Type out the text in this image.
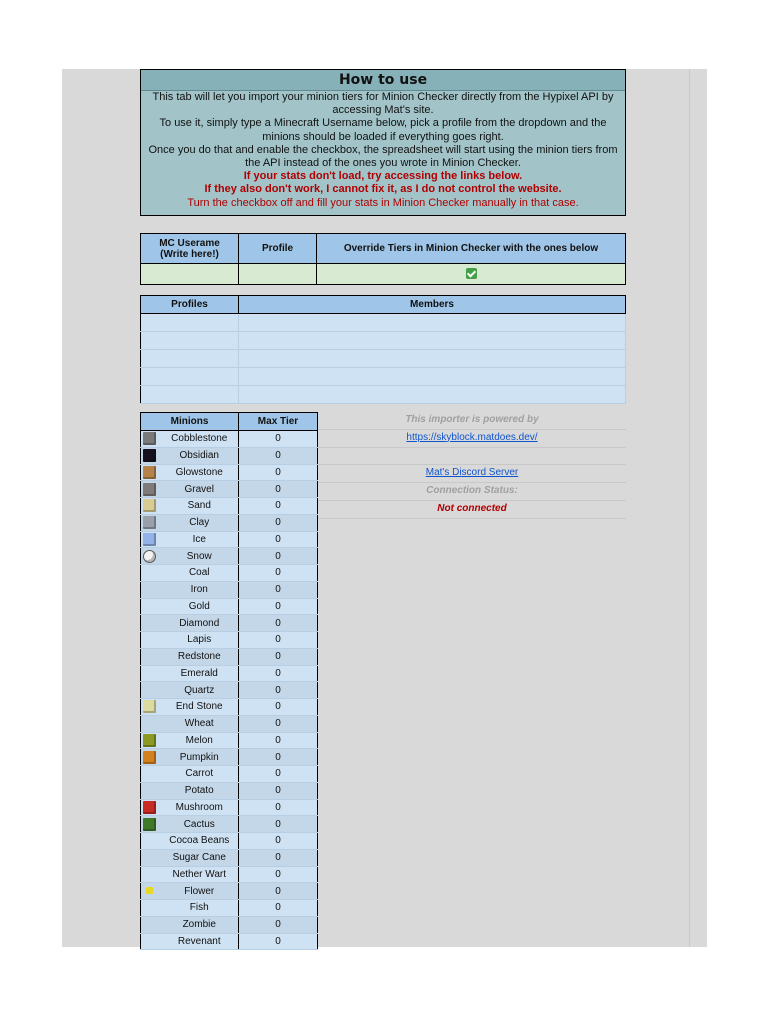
How to use
This tab will let you import your minion tiers for Minion Checker directly from the Hypixel API by
accessing Mat's site.
To use it, simply type a Minecraft Username below, pick a profile from the dropdown and the
minions should be loaded if everything goes right.
Once you do that and enable the checkbox, the spreadsheet will start using the minion tiers from
the API instead of the ones you wrote in Minion Checker.
If your stats don't load, try accessing the links below.
If they also don't work, I cannot fix it, as I do not control the website.
Turn the checkbox off and fill your stats in Minion Checker manually in that case.
MC Userame
(Write here!)	Profile	Override Tiers in Minion Checker with the ones below

Profiles	Members

Minions		Max Tier
	Cobblestone	0
	Obsidian	0
	Glowstone	0
	Gravel	0
	Sand	0
	Clay	0
	Ice	0
	Snow	0
	Coal	0
	Iron	0
	Gold	0
	Diamond	0
	Lapis	0
	Redstone	0
	Emerald	0
	Quartz	0
	End Stone	0
	Wheat	0
	Melon	0
	Pumpkin	0
	Carrot	0
	Potato	0
	Mushroom	0
	Cactus	0
	Cocoa Beans	0
	Sugar Cane	0
	Nether Wart	0
	Flower	0
	Fish	0
	Zombie	0
	Revenant	0
This importer is powered by
https://skyblock.matdoes.dev/
Mat's Discord Server
Connection Status:
Not connected
